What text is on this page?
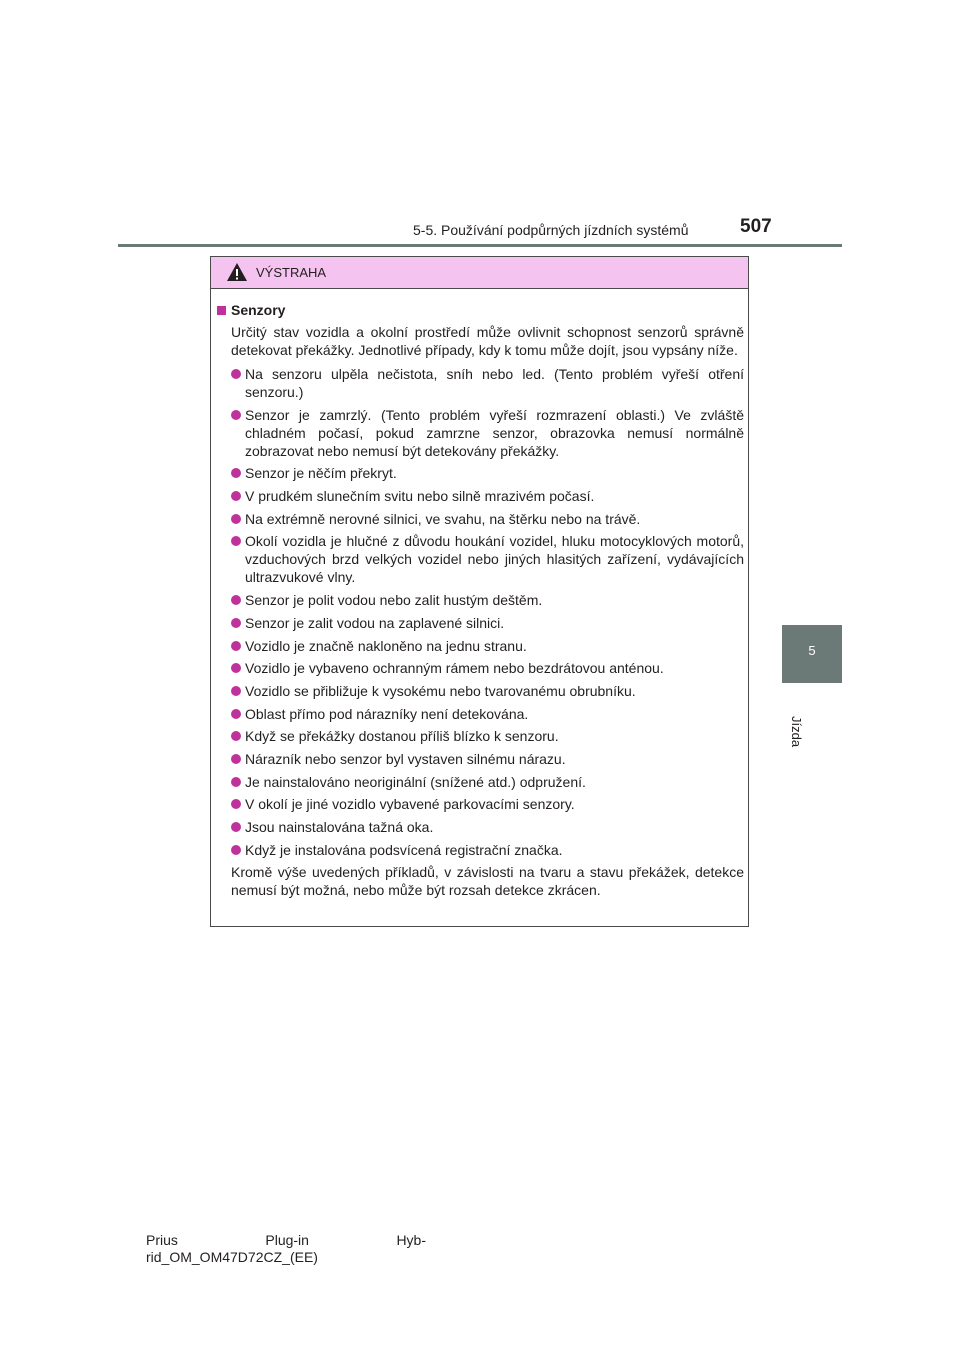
5-5. Používání podpůrných jízdních systémů	507
5
Jízda
VÝSTRAHA
Senzory
Určitý stav vozidla a okolní prostředí může ovlivnit schopnost senzorů správně detekovat překážky. Jednotlivé případy, kdy k tomu může dojít, jsou vypsány níže.
Na senzoru ulpěla nečistota, sníh nebo led. (Tento problém vyřeší otření senzoru.)
Senzor je zamrzlý. (Tento problém vyřeší rozmrazení oblasti.) Ve zvláště chladném počasí, pokud zamrzne senzor, obrazovka nemusí normálně zobrazovat nebo nemusí být detekovány překážky.
Senzor je něčím překryt.
V prudkém slunečním svitu nebo silně mrazivém počasí.
Na extrémně nerovné silnici, ve svahu, na štěrku nebo na trávě.
Okolí vozidla je hlučné z důvodu houkání vozidel, hluku motocyklových motorů, vzduchových brzd velkých vozidel nebo jiných hlasitých zařízení, vydávajících ultrazvukové vlny.
Senzor je polit vodou nebo zalit hustým deštěm.
Senzor je zalit vodou na zaplavené silnici.
Vozidlo je značně nakloněno na jednu stranu.
Vozidlo je vybaveno ochranným rámem nebo bezdrátovou anténou.
Vozidlo se přibližuje k vysokému nebo tvarovanému obrubníku.
Oblast přímo pod nárazníky není detekována.
Když se překážky dostanou příliš blízko k senzoru.
Nárazník nebo senzor byl vystaven silnému nárazu.
Je nainstalováno neoriginální (snížené atd.) odpružení.
V okolí je jiné vozidlo vybavené parkovacími senzory.
Jsou nainstalována tažná oka.
Když je instalována podsvícená registrační značka.
Kromě výše uvedených příkladů, v závislosti na tvaru a stavu překážek, detekce nemusí být možná, nebo může být rozsah detekce zkrácen.
Prius	Plug-in	Hyb-
rid_OM_OM47D72CZ_(EE)
